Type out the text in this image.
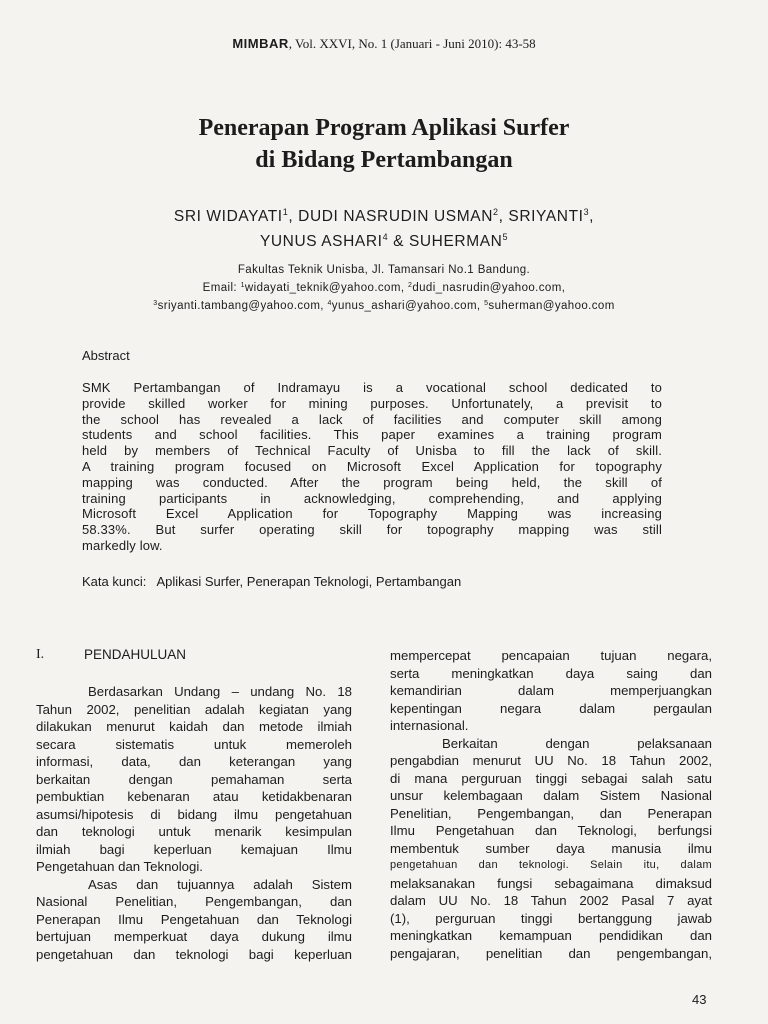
MIMBAR, Vol. XXVI, No. 1 (Januari - Juni 2010): 43-58
Penerapan Program Aplikasi Surfer
di Bidang Pertambangan
SRI WIDAYATI$^1$, DUDI NASRUDIN USMAN$^2$, SRIYANTI$^3$,
YUNUS ASHARI$^4$ & SUHERMAN$^5$
Fakultas Teknik Unisba, Jl. Tamansari No.1 Bandung.
Email: $^1$widayati_teknik@yahoo.com, $^2$dudi_nasrudin@yahoo.com,
$^3$sriyanti.tambang@yahoo.com, $^4$yunus_ashari@yahoo.com, $^5$suherman@yahoo.com
Abstract
SMK Pertambangan of Indramayu is a vocational school dedicated to
provide skilled worker for mining purposes. Unfortunately, a previsit to
the school has revealed a lack of facilities and computer skill among
students and school facilities. This paper examines a training program
held by members of Technical Faculty of Unisba to fill the lack of skill.
A training program focused on Microsoft Excel Application for topography
mapping was conducted. After the program being held, the skill of
training participants in acknowledging, comprehending, and applying
Microsoft Excel Application for Topography Mapping was increasing
58.33%. But surfer operating skill for topography mapping was still
markedly low.
Kata kunci: Aplikasi Surfer, Penerapan Teknologi, Pertambangan
I.	PENDAHULUAN
Berdasarkan Undang – undang No. 18
Tahun 2002, penelitian adalah kegiatan yang
dilakukan menurut kaidah dan metode ilmiah
secara sistematis untuk memeroleh
informasi, data, dan keterangan yang
berkaitan dengan pemahaman serta
pembuktian kebenaran atau ketidakbenaran
asumsi/hipotesis di bidang ilmu pengetahuan
dan teknologi untuk menarik kesimpulan
ilmiah bagi keperluan kemajuan Ilmu
Pengetahuan dan Teknologi.
Asas dan tujuannya adalah Sistem
Nasional Penelitian, Pengembangan, dan
Penerapan Ilmu Pengetahuan dan Teknologi
bertujuan memperkuat daya dukung ilmu
pengetahuan dan teknologi bagi keperluan
mempercepat pencapaian tujuan negara,
serta meningkatkan daya saing dan
kemandirian dalam memperjuangkan
kepentingan negara dalam pergaulan
internasional.
Berkaitan dengan pelaksanaan
pengabdian menurut UU No. 18 Tahun 2002,
di mana perguruan tinggi sebagai salah satu
unsur kelembagaan dalam Sistem Nasional
Penelitian, Pengembangan, dan Penerapan
Ilmu Pengetahuan dan Teknologi, berfungsi
membentuk sumber daya manusia ilmu
pengetahuan dan teknologi. Selain itu, dalam
melaksanakan fungsi sebagaimana dimaksud
dalam UU No. 18 Tahun 2002 Pasal 7 ayat
(1), perguruan tinggi bertanggung jawab
meningkatkan kemampuan pendidikan dan
pengajaran, penelitian dan pengembangan,
43
